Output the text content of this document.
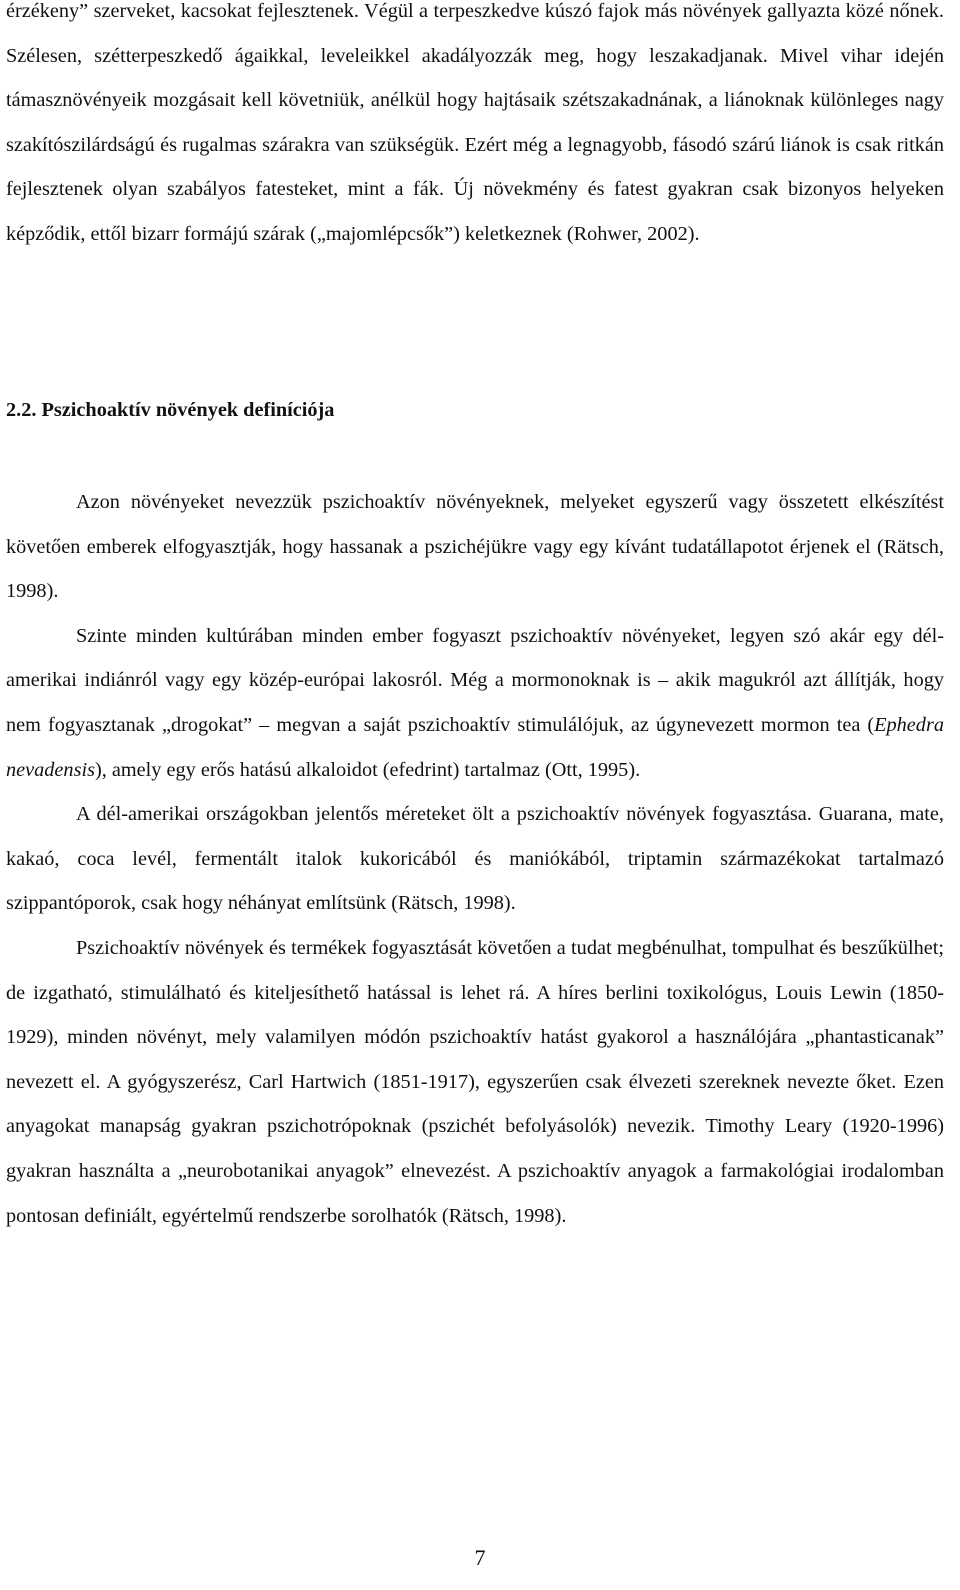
érzékeny” szerveket, kacsokat fejlesztenek. Végül a terpeszkedve kúszó fajok más növények gallyazta közé nőnek. Szélesen, szétterpeszkedő ágaikkal, leveleikkel akadályozzák meg, hogy leszakadjanak. Mivel vihar idején támasznövényeik mozgásait kell követniük, anélkül hogy hajtásaik szétszakadnának, a liánoknak különleges nagy szakítószilárdságú és rugalmas szárakra van szükségük. Ezért még a legnagyobb, fásodó szárú liánok is csak ritkán fejlesztenek olyan szabályos fatesteket, mint a fák. Új növekmény és fatest gyakran csak bizonyos helyeken képződik, ettől bizarr formájú szárak („majomlépcsők”) keletkeznek (Rohwer, 2002).

2.2. Pszichoaktív növények definíciója

Azon növényeket nevezzük pszichoaktív növényeknek, melyeket egyszerű vagy összetett elkészítést követően emberek elfogyasztják, hogy hassanak a pszichéjükre vagy egy kívánt tudatállapotot érjenek el (Rätsch, 1998).

Szinte minden kultúrában minden ember fogyaszt pszichoaktív növényeket, legyen szó akár egy dél-amerikai indiánról vagy egy közép-európai lakosról. Még a mormonoknak is – akik magukról azt állítják, hogy nem fogyasztanak „drogokat” – megvan a saját pszichoaktív stimulálójuk, az úgynevezett mormon tea (Ephedra nevadensis), amely egy erős hatású alkaloidot (efedrint) tartalmaz (Ott, 1995).

A dél-amerikai országokban jelentős méreteket ölt a pszichoaktív növények fogyasztása. Guarana, mate, kakaó, coca levél, fermentált italok kukoricából és maniókából, triptamin származékokat tartalmazó szippantóporok, csak hogy néhányat említsünk (Rätsch, 1998).

Pszichoaktív növények és termékek fogyasztását követően a tudat megbénulhat, tompulhat és beszűkülhet; de izgatható, stimulálható és kiteljesíthető hatással is lehet rá. A híres berlini toxikológus, Louis Lewin (1850-1929), minden növényt, mely valamilyen módón pszichoaktív hatást gyakorol a használójára „phantasticanak” nevezett el. A gyógyszerész, Carl Hartwich (1851-1917), egyszerűen csak élvezeti szereknek nevezte őket. Ezen anyagokat manapság gyakran pszichotrópoknak (pszichét befolyásolók) nevezik. Timothy Leary (1920-1996) gyakran használta a „neurobotanikai anyagok” elnevezést. A pszichoaktív anyagok a farmakológiai irodalomban pontosan definiált, egyértelmű rendszerbe sorolhatók (Rätsch, 1998).

7
